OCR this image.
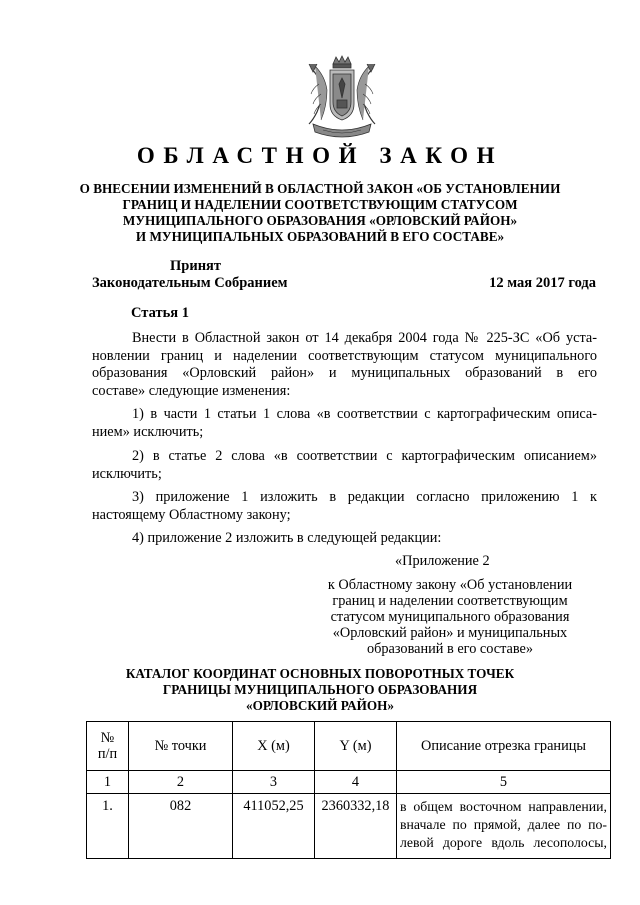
ОБЛАСТНОЙ ЗАКОН
О ВНЕСЕНИИ ИЗМЕНЕНИЙ В ОБЛАСТНОЙ ЗАКОН «ОБ УСТАНОВЛЕНИИ
ГРАНИЦ И НАДЕЛЕНИИ СООТВЕТСТВУЮЩИМ СТАТУСОМ
МУНИЦИПАЛЬНОГО ОБРАЗОВАНИЯ «ОРЛОВСКИЙ РАЙОН»
И МУНИЦИПАЛЬНЫХ ОБРАЗОВАНИЙ В ЕГО СОСТАВЕ»
Принят
Законодательным Собранием	12 мая 2017 года
Статья 1
Внести в Областной закон от 14 декабря 2004 года № 225-ЗС «Об уста-
новлении границ и наделении соответствующим статусом муниципального
образования «Орловский район» и муниципальных образований в его
составе» следующие изменения:
1) в части 1 статьи 1 слова «в соответствии с картографическим описа-
нием» исключить;
2) в статье 2 слова «в соответствии с картографическим описанием»
исключить;
3) приложение 1 изложить в редакции согласно приложению 1 к
настоящему Областному закону;
4) приложение 2 изложить в следующей редакции:
«Приложение 2
к Областному закону «Об установлении
границ и наделении соответствующим
статусом муниципального образования
«Орловский район» и муниципальных
образований в его составе»
КАТАЛОГ КООРДИНАТ ОСНОВНЫХ ПОВОРОТНЫХ ТОЧЕК
ГРАНИЦЫ МУНИЦИПАЛЬНОГО ОБРАЗОВАНИЯ
«ОРЛОВСКИЙ РАЙОН»
№
п/п	№ точки	X (м)	Y (м)	Описание отрезка границы
1	2	3	4	5
1.	082	411052,25	2360332,18	в общем восточном направлении,
вначале по прямой, далее по по-
левой дороге вдоль лесополосы,
